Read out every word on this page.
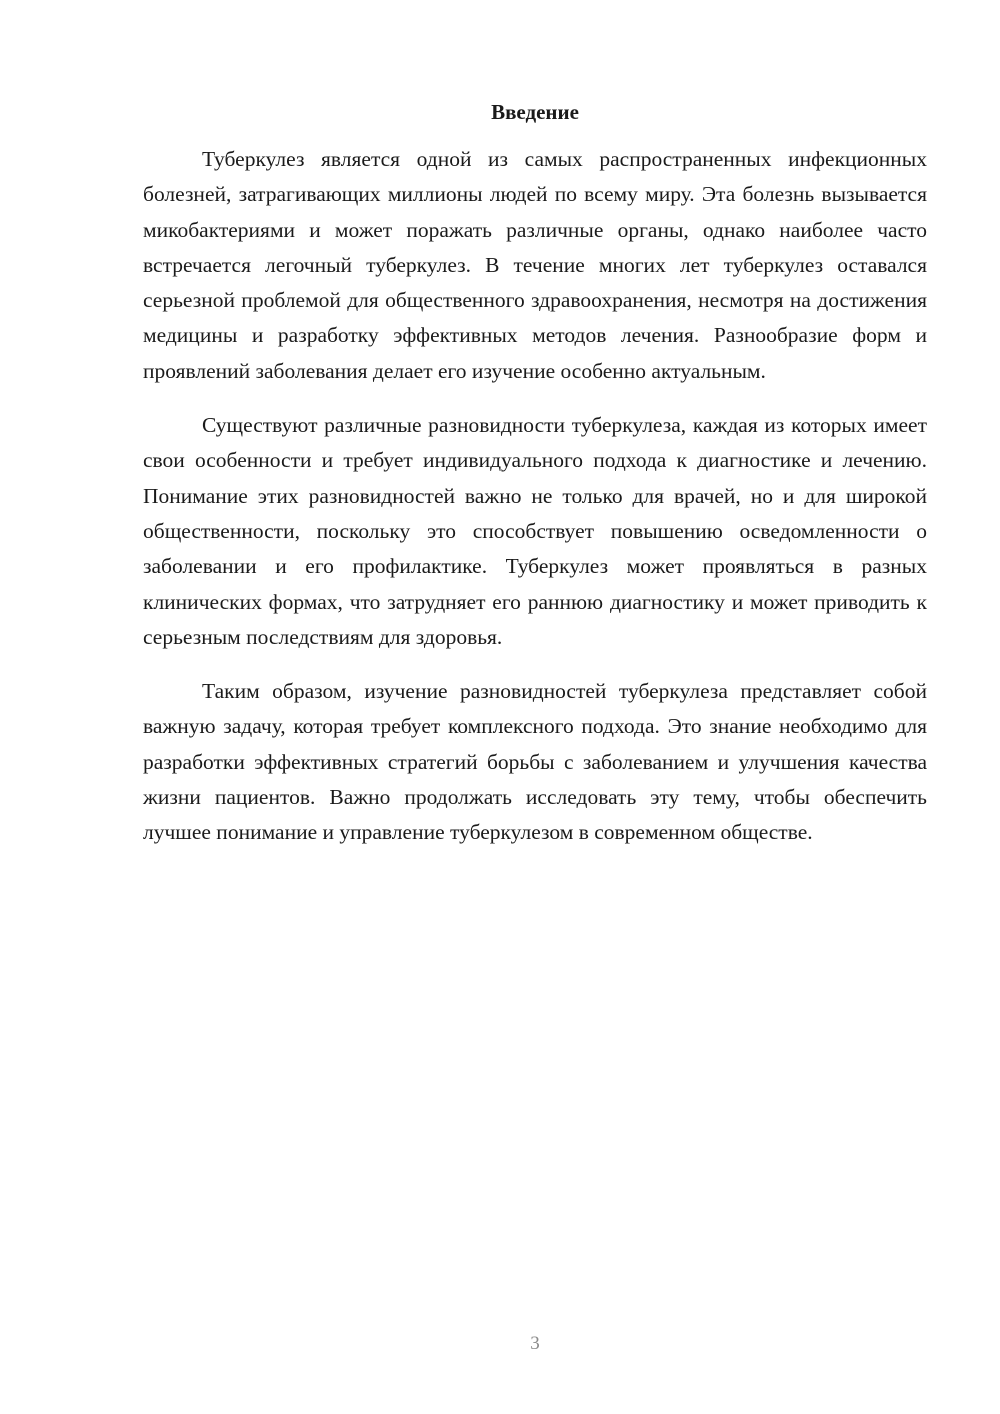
Введение

Туберкулез является одной из самых распространенных инфекционных болезней, затрагивающих миллионы людей по всему миру. Эта болезнь вызывается микобактериями и может поражать различные органы, однако наиболее часто встречается легочный туберкулез. В течение многих лет туберкулез оставался серьезной проблемой для общественного здравоохранения, несмотря на достижения медицины и разработку эффективных методов лечения. Разнообразие форм и проявлений заболевания делает его изучение особенно актуальным.

Существуют различные разновидности туберкулеза, каждая из которых имеет свои особенности и требует индивидуального подхода к диагностике и лечению. Понимание этих разновидностей важно не только для врачей, но и для широкой общественности, поскольку это способствует повышению осведомленности о заболевании и его профилактике. Туберкулез может проявляться в разных клинических формах, что затрудняет его раннюю диагностику и может приводить к серьезным последствиям для здоровья.

Таким образом, изучение разновидностей туберкулеза представляет собой важную задачу, которая требует комплексного подхода. Это знание необходимо для разработки эффективных стратегий борьбы с заболеванием и улучшения качества жизни пациентов. Важно продолжать исследовать эту тему, чтобы обеспечить лучшее понимание и управление туберкулезом в современном обществе.

3
